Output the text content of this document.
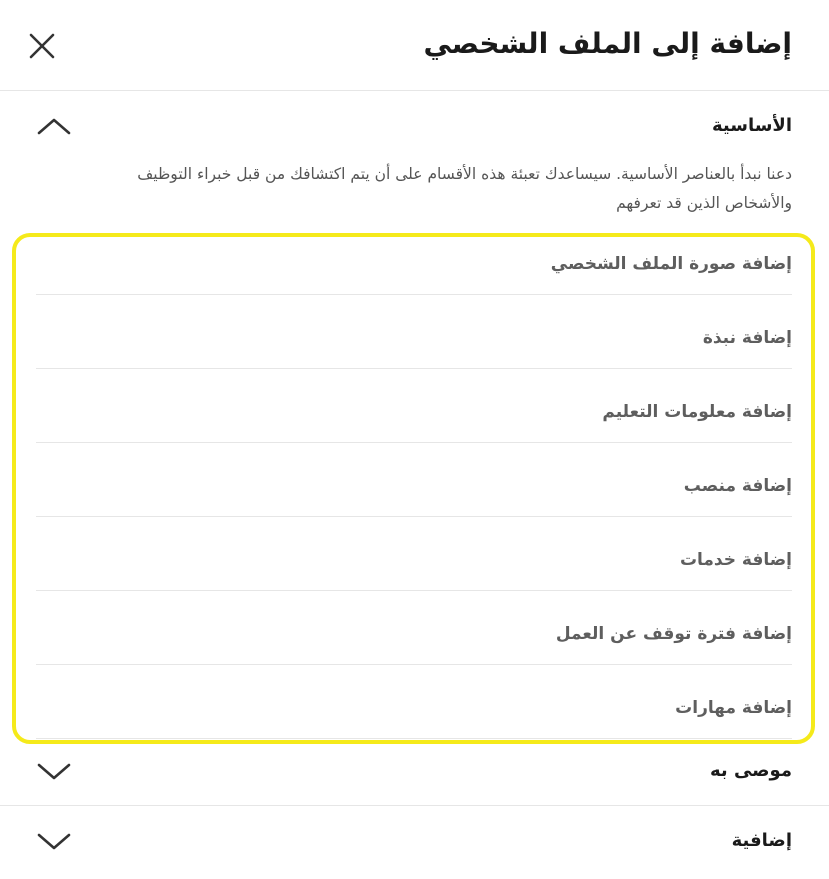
إضافة إلى الملف الشخصي
الأساسية
دعنا نبدأ بالعناصر الأساسية. سيساعدك تعبئة هذه الأقسام على أن يتم اكتشافك من قبل خبراء التوظيف والأشخاص الذين قد تعرفهم
إضافة صورة الملف الشخصي
إضافة نبذة
إضافة معلومات التعليم
إضافة منصب
إضافة خدمات
إضافة فترة توقف عن العمل
إضافة مهارات
موصى به
إضافية
